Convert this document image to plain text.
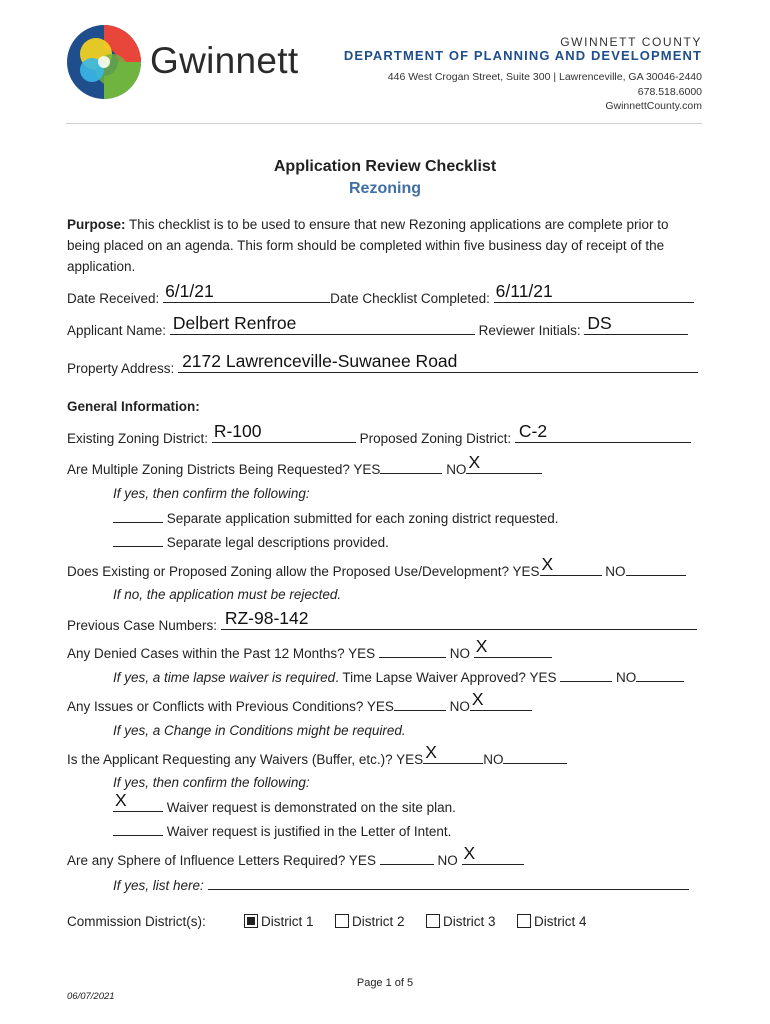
Gwinnett	GWINNETT COUNTY
DEPARTMENT OF PLANNING AND DEVELOPMENT
446 West Crogan Street, Suite 300 | Lawrenceville, GA 30046-2440
678.518.6000
GwinnettCounty.com
Application Review Checklist
Rezoning
Purpose: This checklist is to be used to ensure that new Rezoning applications are complete prior to being placed on an agenda. This form should be completed within five business day of receipt of the application.
Date Received: 6/1/21	Date Checklist Completed: 6/11/21
Applicant Name: Delbert Renfroe	Reviewer Initials: DS
Property Address: 2172 Lawrenceville-Suwanee Road
General Information:
Existing Zoning District: R-100	Proposed Zoning District: C-2
Are Multiple Zoning Districts Being Requested? YES	NO X
If yes, then confirm the following:
Separate application submitted for each zoning district requested.
Separate legal descriptions provided.
Does Existing or Proposed Zoning allow the Proposed Use/Development? YES X	NO
If no, the application must be rejected.
Previous Case Numbers: RZ-98-142
Any Denied Cases within the Past 12 Months? YES	NO X
If yes, a time lapse waiver is required. Time Lapse Waiver Approved? YES	NO
Any Issues or Conflicts with Previous Conditions? YES	NO X
If yes, a Change in Conditions might be required.
Is the Applicant Requesting any Waivers (Buffer, etc.)? YES X	NO
If yes, then confirm the following:
X	Waiver request is demonstrated on the site plan.
Waiver request is justified in the Letter of Intent.
Are any Sphere of Influence Letters Required? YES	NO X
If yes, list here:
Commission District(s):	District 1	District 2	District 3	District 4
Page 1 of 5
06/07/2021
